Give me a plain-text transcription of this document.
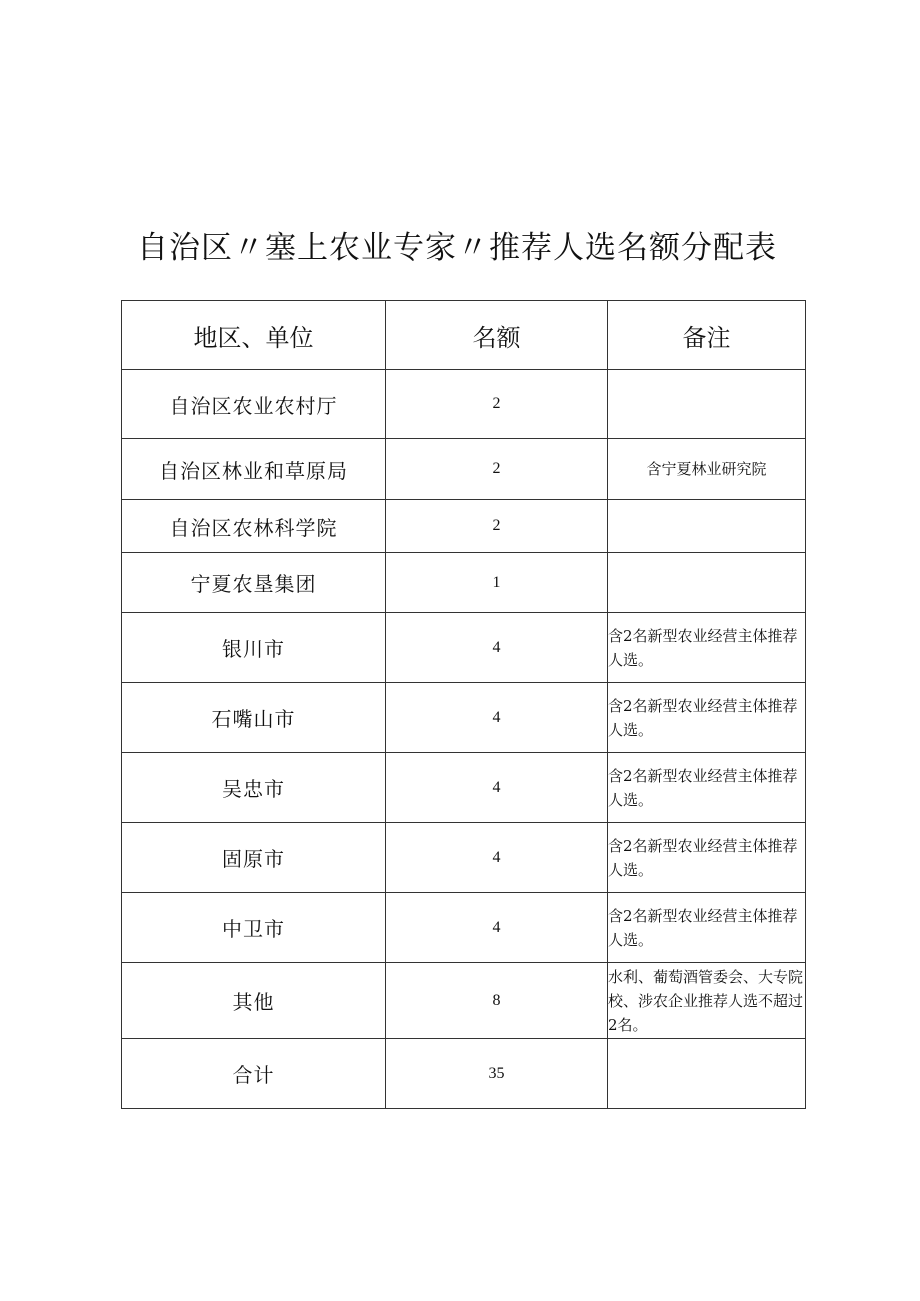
自治区〃塞上农业专家〃推荐人选名额分配表
地区、单位	名额	备注
自治区农业农村厅	2	
自治区林业和草原局	2	含宁夏林业研究院
自治区农林科学院	2	
宁夏农垦集团	1	
银川市	4	含2名新型农业经营主体推荐人选。
石嘴山市	4	含2名新型农业经营主体推荐人选。
吴忠市	4	含2名新型农业经营主体推荐人选。
固原市	4	含2名新型农业经营主体推荐人选。
中卫市	4	含2名新型农业经营主体推荐人选。
其他	8	水利、葡萄酒管委会、大专院校、涉农企业推荐人选不超过2名。
合计	35	
